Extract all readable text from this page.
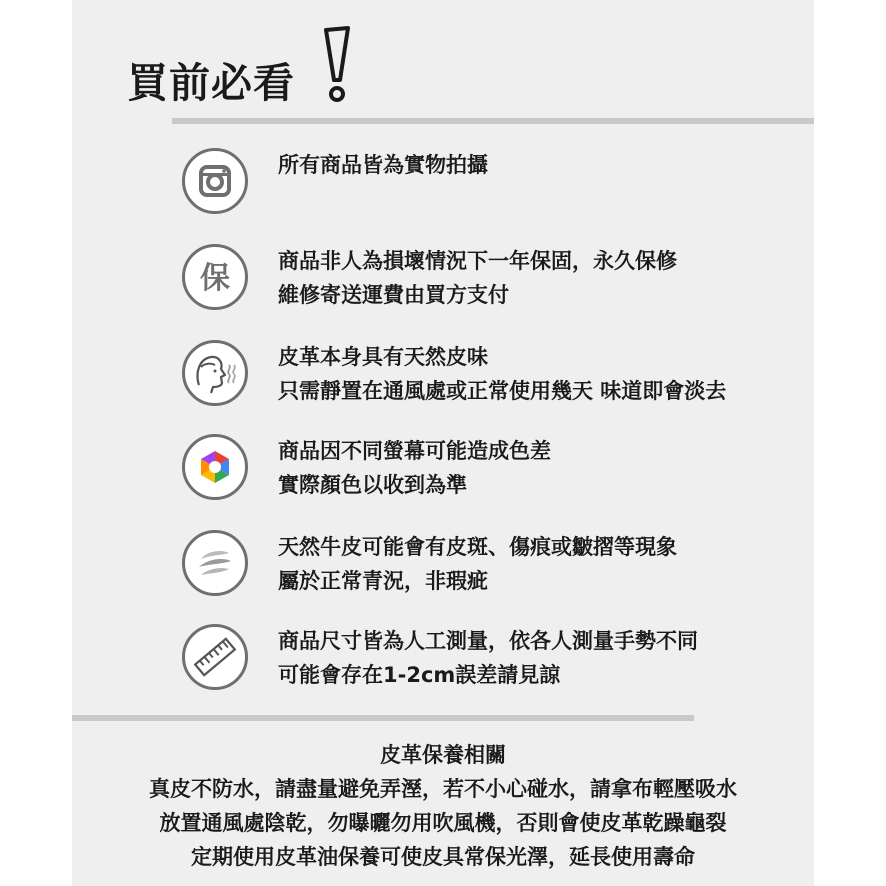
買前必看
所有商品皆為實物拍攝
保 商品非人為損壞情況下一年保固，永久保修
維修寄送運費由買方支付
皮革本身具有天然皮味
只需靜置在通風處或正常使用幾天 味道即會淡去
商品因不同螢幕可能造成色差
實際顏色以收到為準
天然牛皮可能會有皮斑、傷痕或皺摺等現象
屬於正常青況，非瑕疵
商品尺寸皆為人工測量，依各人測量手勢不同
可能會存在1-2cm誤差請見諒
皮革保養相關
真皮不防水，請盡量避免弄溼，若不小心碰水，請拿布輕壓吸水
放置通風處陰乾，勿曝曬勿用吹風機，否則會使皮革乾躁龜裂
定期使用皮革油保養可使皮具常保光澤，延長使用壽命
